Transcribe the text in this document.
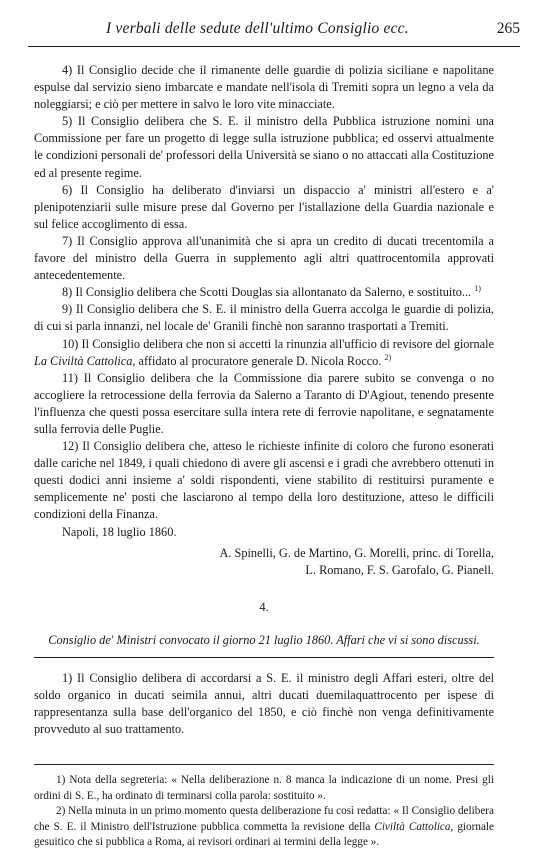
I verbali delle sedute dell'ultimo Consiglio ecc.	265

4) Il Consiglio decide che il rimanente delle guardie di polizia siciliane e napolitane espulse dal servizio sieno imbarcate e mandate nell'isola di Tremiti sopra un legno a vela da noleggiarsi; e ciò per mettere in salvo le loro vite minacciate.

5) Il Consiglio delibera che S. E. il ministro della Pubblica istruzione nomini una Commissione per fare un progetto di legge sulla istruzione pubblica; ed osservi attualmente le condizioni personali de' professori della Università se siano o no attaccati alla Costituzione ed al presente regime.

6) Il Consiglio ha deliberato d'inviarsi un dispaccio a' ministri all'estero e a' plenipotenziarii sulle misure prese dal Governo per l'istallazione della Guardia nazionale e sul felice accoglimento di essa.

7) Il Consiglio approva all'unanimità che si apra un credito di ducati trecentomila a favore del ministro della Guerra in supplemento agli altri quattrocentomila approvati antecedentemente.

8) Il Consiglio delibera che Scotti Douglas sia allontanato da Salerno, e sostituito... $^{1)}$

9) Il Consiglio delibera che S. E. il ministro della Guerra accolga le guardie di polizia, di cui si parla innanzi, nel locale de' Granili finchè non saranno trasportati a Tremiti.

10) Il Consiglio delibera che non si accetti la rinunzia all'ufficio di revisore del giornale La Civiltà Cattolica, affidato al procuratore generale D. Nicola Rocco. $^{2)}$

11) Il Consiglio delibera che la Commissione dia parere subito se convenga o no accogliere la retrocessione della ferrovia da Salerno a Taranto di D'Agiout, tenendo presente l'influenza che questi possa esercitare sulla intera rete di ferrovie napolitane, e segnatamente sulla ferrovia delle Puglie.

12) Il Consiglio delibera che, atteso le richieste infinite di coloro che furono esonerati dalle cariche nel 1849, i quali chiedono di avere gli ascensi e i gradi che avrebbero ottenuti in questi dodici anni insieme a' soldi rispondenti, viene stabilito di restituirsi puramente e semplicemente ne' posti che lasciarono al tempo della loro destituzione, atteso le difficili condizioni della Finanza.

Napoli, 18 luglio 1860.

A. Spinelli, G. de Martino, G. Morelli, princ. di Torella,
L. Romano, F. S. Garofalo, G. Pianell.
4.
Consiglio de' Ministri convocato il giorno 21 luglio 1860. Affari che vi si sono discussi.

1) Il Consiglio delibera di accordarsi a S. E. il ministro degli Affari esteri, oltre del soldo organico in ducati seimila annui, altri ducati duemilaquattrocento per ispese di rappresentanza sulla base dell'organico del 1850, e ciò finchè non venga definitivamente provveduto al suo trattamento.

1) Nota della segreteria: « Nella deliberazione n. 8 manca la indicazione di un nome. Presi gli ordini di S. E., ha ordinato di terminarsi colla parola: sostituito ».

2) Nella minuta in un primo momento questa deliberazione fu così redatta: « Il Consiglio delibera che S. E. il Ministro dell'Istruzione pubblica commetta la revisione della Civiltà Cattolica, giornale gesuitico che si pubblica a Roma, ai revisori ordinari ai termini della legge ».
